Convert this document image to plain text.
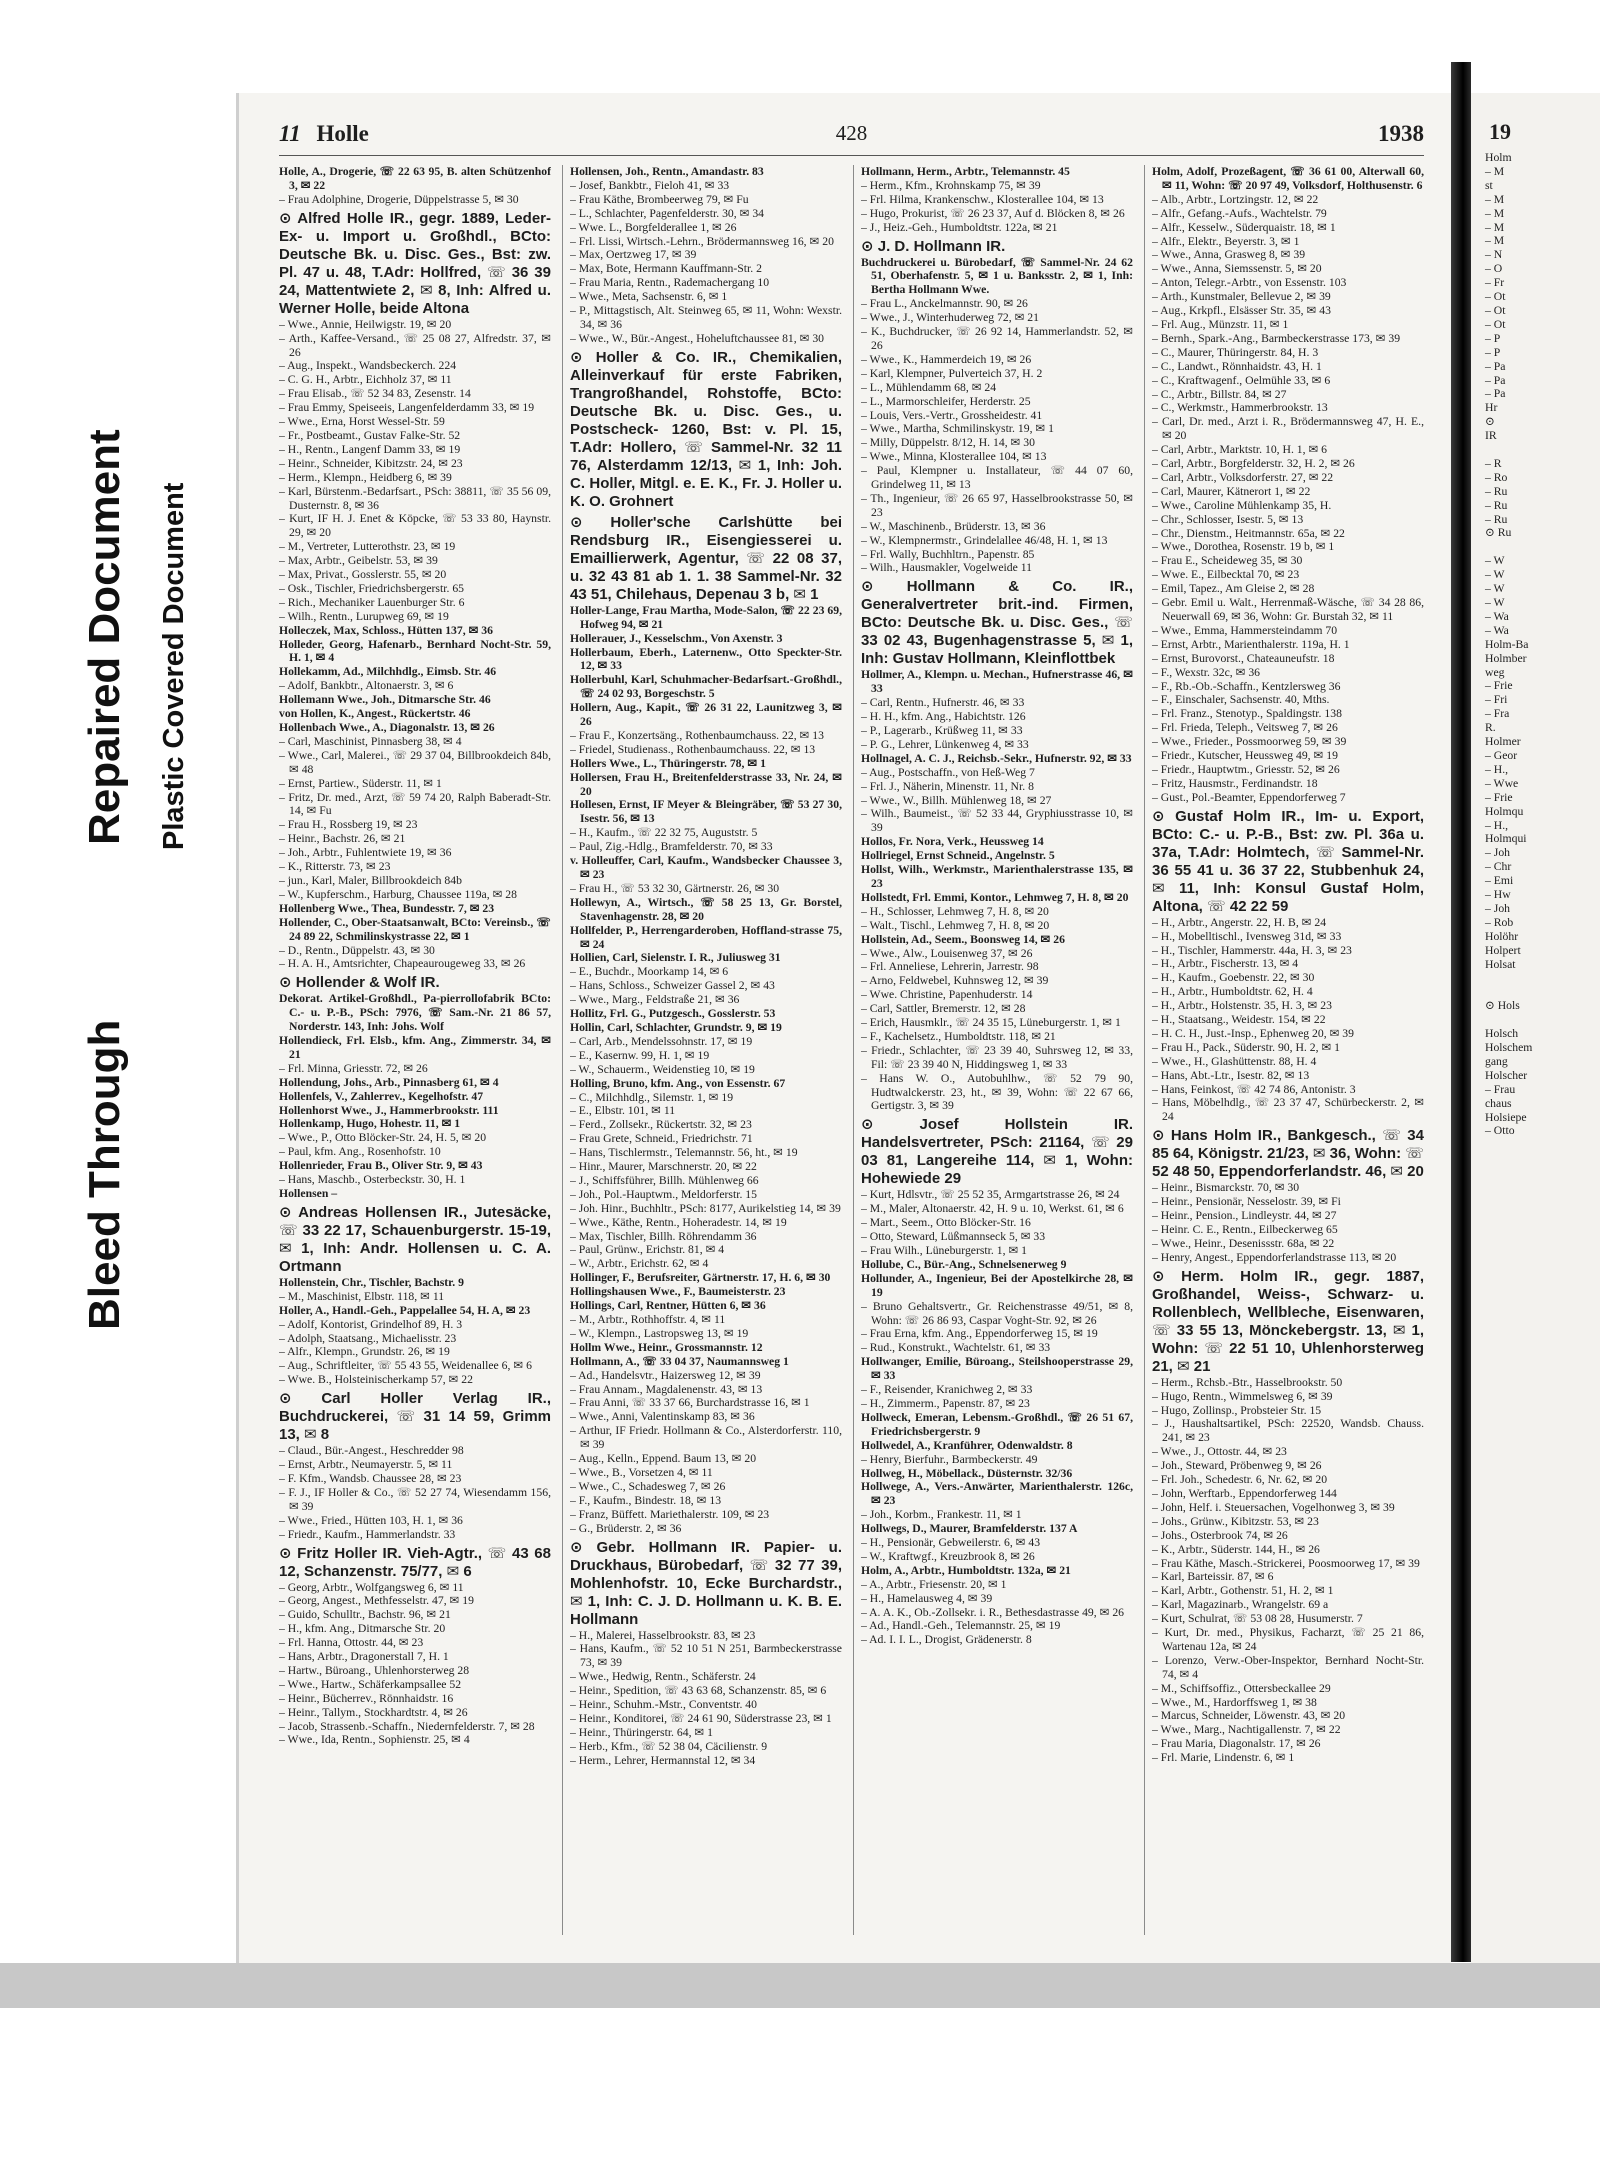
Bleed Through
Repaired Document Plastic Covered Document
11 Holle	428	1938

Holle, A., Drogerie, ☏ 22 63 95, B. alten Schützenhof 3, ✉ 22

– Frau Adolphine, Drogerie, Düppelstrasse 5, ✉ 30

⊙ Alfred Holle IR., gegr. 1889, Leder-Ex- u. Import u. Großhdl., BCto: Deutsche Bk. u. Disc. Ges., Bst: zw. Pl. 47 u. 48, T.Adr: Hollfred, ☏ 36 39 24, Mattentwiete 2, ✉ 8, Inh: Alfred u. Werner Holle, beide Altona

– Wwe., Annie, Heilwigstr. 19, ✉ 20

– Arth., Kaffee-Versand., ☏ 25 08 27, Alfredstr. 37, ✉ 26

– Aug., Inspekt., Wandsbeckerch. 224

– C. G. H., Arbtr., Eichholz 37, ✉ 11

– Frau Elisab., ☏ 52 34 83, Zesenstr. 14

– Frau Emmy, Speiseeis, Langenfelderdamm 33, ✉ 19

– Wwe., Erna, Horst Wessel-Str. 59

– Fr., Postbeamt., Gustav Falke-Str. 52

– H., Rentn., Langenf Damm 33, ✉ 19

– Heinr., Schneider, Kibitzstr. 24, ✉ 23

– Herm., Klempn., Heidberg 6, ✉ 39

– Karl, Bürstenm.-Bedarfsart., PSch: 38811, ☏ 35 56 09, Dusternstr. 8, ✉ 36

– Kurt, IF H. J. Enet & Köpcke, ☏ 53 33 80, Haynstr. 29, ✉ 20

– M., Vertreter, Lutterothstr. 23, ✉ 19

– Max, Arbtr., Geibelstr. 53, ✉ 39

– Max, Privat., Gosslerstr. 55, ✉ 20

– Osk., Tischler, Friedrichsbergerstr. 65

– Rich., Mechaniker Lauenburger Str. 6

– Wilh., Rentn., Lurupweg 69, ✉ 19

Holleczek, Max, Schloss., Hütten 137, ✉ 36

Holleder, Georg, Hafenarb., Bernhard Nocht-Str. 59, H. 1, ✉ 4

Hollekamm, Ad., Milchhdlg., Eimsb. Str. 46

– Adolf, Bankbtr., Altonaerstr. 3, ✉ 6

Hollemann Wwe., Joh., Ditmarsche Str. 46

von Hollen, K., Angest., Rückertstr. 46

Hollenbach Wwe., A., Diagonalstr. 13, ✉ 26

– Carl, Maschinist, Pinnasberg 38, ✉ 4

– Wwe., Carl, Malerei., ☏ 29 37 04, Billbrookdeich 84b, ✉ 48

– Ernst, Partiew., Süderstr. 11, ✉ 1

– Fritz, Dr. med., Arzt, ☏ 59 74 20, Ralph Baberadt-Str. 14, ✉ Fu

– Frau H., Rossberg 19, ✉ 23

– Heinr., Bachstr. 26, ✉ 21

– Joh., Arbtr., Fuhlentwiete 19, ✉ 36

– K., Ritterstr. 73, ✉ 23

– jun., Karl, Maler, Billbrookdeich 84b

– W., Kupferschm., Harburg, Chaussee 119a, ✉ 28

Hollenberg Wwe., Thea, Bundesstr. 7, ✉ 23

Hollender, C., Ober-Staatsanwalt, BCto: Vereinsb., ☏ 24 89 22, Schmilinskystrasse 22, ✉ 1

– D., Rentn., Düppelstr. 43, ✉ 30

– H. A. H., Amtsrichter, Chapeaurougeweg 33, ✉ 26

⊙ Hollender & Wolf IR.

Dekorat. Artikel-Großhdl., Pa-pierrollofabrik BCto: C.- u. P.-B., PSch: 7976, ☏ Sam.-Nr. 21 86 57, Norderstr. 143, Inh: Johs. Wolf

Hollendieck, Frl. Elsb., kfm. Ang., Zimmerstr. 34, ✉ 21

– Frl. Minna, Griesstr. 72, ✉ 26

Hollendung, Johs., Arb., Pinnasberg 61, ✉ 4

Hollenfels, V., Zahlerrev., Kegelhofstr. 47

Hollenhorst Wwe., J., Hammerbrookstr. 111

Hollenkamp, Hugo, Hohestr. 11, ✉ 1

– Wwe., P., Otto Blöcker-Str. 24, H. 5, ✉ 20

– Paul, kfm. Ang., Rosenhofstr. 10

Hollenrieder, Frau B., Oliver Str. 9, ✉ 43

– Hans, Maschb., Osterbeckstr. 30, H. 1

Hollensen –

⊙ Andreas Hollensen IR., Jutesäcke, ☏ 33 22 17, Schauenburgerstr. 15-19, ✉ 1, Inh: Andr. Hollensen u. C. A. Ortmann

Hollenstein, Chr., Tischler, Bachstr. 9

– M., Maschinist, Elbstr. 118, ✉ 11

Holler, A., Handl.-Geh., Pappelallee 54, H. A, ✉ 23

– Adolf, Kontorist, Grindelhof 89, H. 3

– Adolph, Staatsang., Michaelisstr. 23

– Alfr., Klempn., Grundstr. 26, ✉ 19

– Aug., Schriftleiter, ☏ 55 43 55, Weidenallee 6, ✉ 6

– Wwe. B., Holsteinischerkamp 57, ✉ 22

⊙ Carl Holler Verlag IR., Buchdruckerei, ☏ 31 14 59, Grimm 13, ✉ 8

– Claud., Bür.-Angest., Heschredder 98

– Ernst, Arbtr., Neumayerstr. 5, ✉ 11

– F. Kfm., Wandsb. Chaussee 28, ✉ 23

– F. J., IF Holler & Co., ☏ 52 27 74, Wiesendamm 156, ✉ 39

– Wwe., Fried., Hütten 103, H. 1, ✉ 36

– Friedr., Kaufm., Hammerlandstr. 33

⊙ Fritz Holler IR. Vieh-Agtr., ☏ 43 68 12, Schanzenstr. 75/77, ✉ 6

– Georg, Arbtr., Wolfgangsweg 6, ✉ 11

– Georg, Angest., Methfesselstr. 47, ✉ 19

– Guido, Schulltr., Bachstr. 96, ✉ 21

– H., kfm. Ang., Ditmarsche Str. 20

– Frl. Hanna, Ottostr. 44, ✉ 23

– Hans, Arbtr., Dragonerstall 7, H. 1

– Hartw., Büroang., Uhlenhorsterweg 28

– Wwe., Hartw., Schäferkampsallee 52

– Heinr., Bücherrev., Rönnhaidstr. 16

– Heinr., Tallym., Stockhardtstr. 4, ✉ 26

– Jacob, Strassenb.-Schaffn., Niedernfelderstr. 7, ✉ 28

– Wwe., Ida, Rentn., Sophienstr. 25, ✉ 4

Hollensen, Joh., Rentn., Amandastr. 83

– Josef, Bankbtr., Fieloh 41, ✉ 33

– Frau Käthe, Brombeerweg 79, ✉ Fu

– L., Schlachter, Pagenfelderstr. 30, ✉ 34

– Wwe. L., Borgfelderallee 1, ✉ 26

– Frl. Lissi, Wirtsch.-Lehrn., Brödermannsweg 16, ✉ 20

– Max, Oertzweg 17, ✉ 39

– Max, Bote, Hermann Kauffmann-Str. 2

– Frau Maria, Rentn., Rademachergang 10

– Wwe., Meta, Sachsenstr. 6, ✉ 1

– P., Mittagstisch, Alt. Steinweg 65, ✉ 11, Wohn: Wexstr. 34, ✉ 36

– Wwe., W., Bür.-Angest., Hoheluftchaussee 81, ✉ 30

⊙ Holler & Co. IR., Chemikalien, Alleinverkauf für erste Fabriken, Trangroßhandel, Rohstoffe, BCto: Deutsche Bk. u. Disc. Ges., u. Postscheck- 1260, Bst: v. Pl. 15, T.Adr: Hollero, ☏ Sammel-Nr. 32 11 76, Alsterdamm 12/13, ✉ 1, Inh: Joh. C. Holler, Mitgl. e. E. K., Fr. J. Holler u. K. O. Grohnert

⊙ Holler'sche Carlshütte bei Rendsburg IR., Eisengiesserei u. Emaillierwerk, Agentur, ☏ 22 08 37, u. 32 43 81 ab 1. 1. 38 Sammel-Nr. 32 43 51, Chilehaus, Depenau 3 b, ✉ 1

Holler-Lange, Frau Martha, Mode-Salon, ☏ 22 23 69, Hofweg 94, ✉ 21

Hollerauer, J., Kesselschm., Von Axenstr. 3

Hollerbaum, Eberh., Laternenw., Otto Speckter-Str. 12, ✉ 33

Hollerbuhl, Karl, Schuhmacher-Bedarfsart.-Großhdl., ☏ 24 02 93, Borgeschstr. 5

Hollern, Aug., Kapit., ☏ 26 31 22, Launitzweg 3, ✉ 26

– Frau F., Konzertsäng., Rothenbaumchauss. 22, ✉ 13

– Friedel, Studienass., Rothenbaumchauss. 22, ✉ 13

Hollers Wwe., L., Thüringerstr. 78, ✉ 1

Hollersen, Frau H., Breitenfelderstrasse 33, Nr. 24, ✉ 20

Hollesen, Ernst, IF Meyer & Bleingräber, ☏ 53 27 30, Isestr. 56, ✉ 13

– H., Kaufm., ☏ 22 32 75, Auguststr. 5

– Paul, Zig.-Hdlg., Bramfelderstr. 70, ✉ 33

v. Holleuffer, Carl, Kaufm., Wandsbecker Chaussee 3, ✉ 23

– Frau H., ☏ 53 32 30, Gärtnerstr. 26, ✉ 30

Hollewyn, A., Wirtsch., ☏ 58 25 13, Gr. Borstel, Stavenhagenstr. 28, ✉ 20

Hollfelder, P., Herrengarderoben, Hoffland-strasse 75, ✉ 24

Hollien, Carl, Sielenstr. I. R., Juliusweg 31

– E., Buchdr., Moorkamp 14, ✉ 6

– Hans, Schloss., Schweizer Gassel 2, ✉ 43

– Wwe., Marg., Feldstraße 21, ✉ 36

Hollitz, Frl. G., Putzgesch., Gosslerstr. 53

Hollin, Carl, Schlachter, Grundstr. 9, ✉ 19

– Carl, Arb., Mendelssohnstr. 17, ✉ 19

– E., Kasernw. 99, H. 1, ✉ 19

– W., Schauerm., Weidenstieg 10, ✉ 19

Holling, Bruno, kfm. Ang., von Essenstr. 67

– C., Milchhdlg., Silemstr. 1, ✉ 19

– E., Elbstr. 101, ✉ 11

– Ferd., Zollsekr., Rückertstr. 32, ✉ 23

– Frau Grete, Schneid., Friedrichstr. 71

– Hans, Tischlermstr., Telemannstr. 56, ht., ✉ 19

– Hinr., Maurer, Marschnerstr. 20, ✉ 22

– J., Schiffsführer, Billh. Mühlenweg 66

– Joh., Pol.-Hauptwm., Meldorferstr. 15

– Joh. Hinr., Buchhltr., PSch: 8177, Aurikelstieg 14, ✉ 39

– Wwe., Käthe, Rentn., Hoheradestr. 14, ✉ 19

– Max, Tischler, Billh. Röhrendamm 36

– Paul, Grünw., Erichstr. 81, ✉ 4

– W., Arbtr., Erichstr. 62, ✉ 4

Hollinger, F., Berufsreiter, Gärtnerstr. 17, H. 6, ✉ 30

Hollingshausen Wwe., F., Baumeisterstr. 23

Hollings, Carl, Rentner, Hütten 6, ✉ 36

– M., Arbtr., Rothhoffstr. 4, ✉ 11

– W., Klempn., Lastropsweg 13, ✉ 19

Hollm Wwe., Heinr., Grossmannstr. 12

Hollmann, A., ☏ 33 04 37, Naumannsweg 1

– Ad., Handelsvtr., Haizersweg 12, ✉ 39

– Frau Annam., Magdalenenstr. 43, ✉ 13

– Frau Anni, ☏ 33 37 66, Burchardstrasse 16, ✉ 1

– Wwe., Anni, Valentinskamp 83, ✉ 36

– Arthur, IF Friedr. Hollmann & Co., Alsterdorferstr. 110, ✉ 39

– Aug., Kelln., Eppend. Baum 13, ✉ 20

– Wwe., B., Vorsetzen 4, ✉ 11

– Wwe., C., Schadesweg 7, ✉ 26

– F., Kaufm., Bindestr. 18, ✉ 13

– Franz, Büffett. Mariethalerstr. 109, ✉ 23

– G., Brüderstr. 2, ✉ 36

⊙ Gebr. Hollmann IR. Papier- u. Druckhaus, Bürobedarf, ☏ 32 77 39, Mohlenhofstr. 10, Ecke Burchardstr., ✉ 1, Inh: C. J. D. Hollmann u. K. B. E. Hollmann

– H., Malerei, Hasselbrookstr. 83, ✉ 23

– Hans, Kaufm., ☏ 52 10 51 N 251, Barmbeckerstrasse 73, ✉ 39

– Wwe., Hedwig, Rentn., Schäferstr. 24

– Heinr., Spedition, ☏ 43 63 68, Schanzenstr. 85, ✉ 6

– Heinr., Schuhm.-Mstr., Conventstr. 40

– Heinr., Konditorei, ☏ 24 61 90, Süderstrasse 23, ✉ 1

– Heinr., Thüringerstr. 64, ✉ 1

– Herb., Kfm., ☏ 52 38 04, Cäcilienstr. 9

– Herm., Lehrer, Hermannstal 12, ✉ 34

Hollmann, Herm., Arbtr., Telemannstr. 45

– Herm., Kfm., Krohnskamp 75, ✉ 39

– Frl. Hilma, Krankenschw., Klosterallee 104, ✉ 13

– Hugo, Prokurist, ☏ 26 23 37, Auf d. Blöcken 8, ✉ 26

– J., Heiz.-Geh., Humboldtstr. 122a, ✉ 21

⊙ J. D. Hollmann IR.

Buchdruckerei u. Bürobedarf, ☏ Sammel-Nr. 24 62 51, Oberhafenstr. 5, ✉ 1 u. Banksstr. 2, ✉ 1, Inh: Bertha Hollmann Wwe.

– Frau L., Anckelmannstr. 90, ✉ 26

– Wwe., J., Winterhuderweg 72, ✉ 21

– K., Buchdrucker, ☏ 26 92 14, Hammerlandstr. 52, ✉ 26

– Wwe., K., Hammerdeich 19, ✉ 26

– Karl, Klempner, Pulverteich 37, H. 2

– L., Mühlendamm 68, ✉ 24

– L., Marmorschleifer, Herderstr. 25

– Louis, Vers.-Vertr., Grossheidestr. 41

– Wwe., Martha, Schmilinskystr. 19, ✉ 1

– Milly, Düppelstr. 8/12, H. 14, ✉ 30

– Wwe., Minna, Klosterallee 104, ✉ 13

– Paul, Klempner u. Installateur, ☏ 44 07 60, Grindelweg 11, ✉ 13

– Th., Ingenieur, ☏ 26 65 97, Hasselbrookstrasse 50, ✉ 23

– W., Maschinenb., Brüderstr. 13, ✉ 36

– W., Klempnermstr., Grindelallee 46/48, H. 1, ✉ 13

– Frl. Wally, Buchhltrn., Papenstr. 85

– Wilh., Hausmakler, Vogelweide 11

⊙ Hollmann & Co. IR., Generalvertreter brit.-ind. Firmen, BCto: Deutsche Bk. u. Disc. Ges., ☏ 33 02 43, Bugenhagenstrasse 5, ✉ 1, Inh: Gustav Hollmann, Kleinflottbek

Hollmer, A., Klempn. u. Mechan., Hufnerstrasse 46, ✉ 33

– Carl, Rentn., Hufnerstr. 46, ✉ 33

– H. H., kfm. Ang., Habichtstr. 126

– P., Lagerarb., Krüßweg 11, ✉ 33

– P. G., Lehrer, Lünkenweg 4, ✉ 33

Hollnagel, A. C. J., Reichsb.-Sekr., Hufnerstr. 92, ✉ 33

– Aug., Postschaffn., von Heß-Weg 7

– Frl. J., Näherin, Minenstr. 11, Nr. 8

– Wwe., W., Billh. Mühlenweg 18, ✉ 27

– Wilh., Baumeist., ☏ 52 33 44, Gryphiusstrasse 10, ✉ 39

Hollos, Fr. Nora, Verk., Heussweg 14

Hollriegel, Ernst Schneid., Angelnstr. 5

Hollst, Wilh., Werkmstr., Marienthalerstrasse 135, ✉ 23

Hollstedt, Frl. Emmi, Kontor., Lehmweg 7, H. 8, ✉ 20

– H., Schlosser, Lehmweg 7, H. 8, ✉ 20

– Walt., Tischl., Lehmweg 7, H. 8, ✉ 20

Hollstein, Ad., Seem., Boonsweg 14, ✉ 26

– Wwe., Alw., Louisenweg 37, ✉ 26

– Frl. Anneliese, Lehrerin, Jarrestr. 98

– Arno, Feldwebel, Kuhnsweg 12, ✉ 39

– Wwe. Christine, Papenhuderstr. 14

– Carl, Sattler, Bremerstr. 12, ✉ 28

– Erich, Hausmklr., ☏ 24 35 15, Lüneburgerstr. 1, ✉ 1

– F., Kachelsetz., Humboldtstr. 118, ✉ 21

– Friedr., Schlachter, ☏ 23 39 40, Suhrsweg 12, ✉ 33, Fil: ☏ 23 39 40 N, Hiddingsweg 1, ✉ 33

– Hans W. O., Autobuhlhw., ☏ 52 79 90, Hudtwalckerstr. 23, ht., ✉ 39, Wohn: ☏ 22 67 66, Gertigstr. 3, ✉ 39

⊙ Josef Hollstein IR. Handelsvertreter, PSch: 21164, ☏ 29 03 81, Langereihe 114, ✉ 1, Wohn: Hohewiede 29

– Kurt, Hdlsvtr., ☏ 25 52 35, Armgartstrasse 26, ✉ 24

– M., Maler, Altonaerstr. 42, H. 9 u. 10, Werkst. 61, ✉ 6

– Mart., Seem., Otto Blöcker-Str. 16

– Otto, Steward, Lüßmannseck 5, ✉ 33

– Frau Wilh., Lüneburgerstr. 1, ✉ 1

Hollube, C., Bür.-Ang., Schnelsenerweg 9

Hollunder, A., Ingenieur, Bei der Apostelkirche 28, ✉ 19

– Bruno Gehaltsvertr., Gr. Reichenstrasse 49/51, ✉ 8, Wohn: ☏ 26 86 93, Caspar Voght-Str. 92, ✉ 26

– Frau Erna, kfm. Ang., Eppendorferweg 15, ✉ 19

– Rud., Konstrukt., Wachtelstr. 61, ✉ 33

Hollwanger, Emilie, Büroang., Steilshooperstrasse 29, ✉ 33

– F., Reisender, Kranichweg 2, ✉ 33

– H., Zimmerm., Papenstr. 87, ✉ 23

Hollweck, Emeran, Lebensm.-Großhdl., ☏ 26 51 67, Friedrichsbergerstr. 9

Hollwedel, A., Kranführer, Odenwaldstr. 8

– Henry, Bierfuhr., Barmbeckerstr. 49

Hollweg, H., Möbellack., Düsternstr. 32/36

Hollwege, A., Vers.-Anwärter, Marienthalerstr. 126c, ✉ 23

– Joh., Korbm., Frankestr. 11, ✉ 1

Hollwegs, D., Maurer, Bramfelderstr. 137 A

– H., Pensionär, Gebweilerstr. 6, ✉ 43

– W., Kraftwgf., Kreuzbrook 8, ✉ 26

Holm, A., Arbtr., Humboldtstr. 132a, ✉ 21

– A., Arbtr., Friesenstr. 20, ✉ 1

– H., Hamelausweg 4, ✉ 39

– A. A. K., Ob.-Zollsekr. i. R., Bethesdastrasse 49, ✉ 26

– Ad., Handl.-Geh., Telemannstr. 25, ✉ 19

– Ad. I. I. L., Drogist, Grädenerstr. 8

Holm, Adolf, Prozeßagent, ☏ 36 61 00, Alterwall 60, ✉ 11, Wohn: ☏ 20 97 49, Volksdorf, Holthusenstr. 6

– Alb., Arbtr., Lortzingstr. 12, ✉ 22

– Alfr., Gefang.-Aufs., Wachtelstr. 79

– Alfr., Kesselw., Süderquaistr. 18, ✉ 1

– Alfr., Elektr., Beyerstr. 3, ✉ 1

– Wwe., Anna, Grasweg 8, ✉ 39

– Wwe., Anna, Siemssenstr. 5, ✉ 20

– Anton, Telegr.-Arbtr., von Essenstr. 103

– Arth., Kunstmaler, Bellevue 2, ✉ 39

– Aug., Krkpfl., Elsässer Str. 35, ✉ 43

– Frl. Aug., Münzstr. 11, ✉ 1

– Bernh., Spark.-Ang., Barmbeckerstrasse 173, ✉ 39

– C., Maurer, Thüringerstr. 84, H. 3

– C., Landwt., Rönnhaidstr. 43, H. 1

– C., Kraftwagenf., Oelmühle 33, ✉ 6

– C., Arbtr., Billstr. 84, ✉ 27

– C., Werkmstr., Hammerbrookstr. 13

– Carl, Dr. med., Arzt i. R., Brödermannsweg 47, H. E., ✉ 20

– Carl, Arbtr., Marktstr. 10, H. 1, ✉ 6

– Carl, Arbtr., Borgfelderstr. 32, H. 2, ✉ 26

– Carl, Arbtr., Volksdorferstr. 27, ✉ 22

– Carl, Maurer, Kätnerort 1, ✉ 22

– Wwe., Caroline Mühlenkamp 35, H.

– Chr., Schlosser, Isestr. 5, ✉ 13

– Chr., Dienstm., Heitmannstr. 65a, ✉ 22

– Wwe., Dorothea, Rosenstr. 19 b, ✉ 1

– Frau E., Scheideweg 35, ✉ 30

– Wwe. E., Eilbecktal 70, ✉ 23

– Emil, Tapez., Am Gleise 2, ✉ 28

– Gebr. Emil u. Walt., Herrenmaß-Wäsche, ☏ 34 28 86, Neuerwall 69, ✉ 36, Wohn: Gr. Burstah 32, ✉ 11

– Wwe., Emma, Hammersteindamm 70

– Ernst, Arbtr., Marienthalerstr. 119a, H. 1

– Ernst, Burovorst., Chateauneufstr. 18

– F., Wexstr. 32c, ✉ 36

– F., Rb.-Ob.-Schaffn., Kentzlersweg 36

– F., Einschaler, Sachsenstr. 40, Mths.

– Frl. Franz., Stenotyp., Spaldingstr. 138

– Frl. Frieda, Teleph., Veitsweg 7, ✉ 26

– Wwe., Frieder., Possmoorweg 59, ✉ 39

– Friedr., Kutscher, Heussweg 49, ✉ 19

– Friedr., Hauptwtm., Griesstr. 52, ✉ 26

– Fritz, Hausmstr., Ferdinandstr. 18

– Gust., Pol.-Beamter, Eppendorferweg 7

⊙ Gustaf Holm IR., Im- u. Export, BCto: C.- u. P.-B., Bst: zw. Pl. 36a u. 37a, T.Adr: Holmtech, ☏ Sammel-Nr. 36 55 41 u. 36 37 22, Stubbenhuk 24, ✉ 11, Inh: Konsul Gustaf Holm, Altona, ☏ 42 22 59

– H., Arbtr., Angerstr. 22, H. B, ✉ 24

– H., Mobelltischl., Ivensweg 31d, ✉ 33

– H., Tischler, Hammerstr. 44a, H. 3, ✉ 23

– H., Arbtr., Fischerstr. 13, ✉ 4

– H., Kaufm., Goebenstr. 22, ✉ 30

– H., Arbtr., Humboldtstr. 62, H. 4

– H., Arbtr., Holstenstr. 35, H. 3, ✉ 23

– H., Staatsang., Weidestr. 154, ✉ 22

– H. C. H., Just.-Insp., Ephenweg 20, ✉ 39

– Frau H., Pack., Süderstr. 90, H. 2, ✉ 1

– Wwe., H., Glashüttenstr. 88, H. 4

– Hans, Abt.-Ltr., Isestr. 82, ✉ 13

– Hans, Feinkost, ☏ 42 74 86, Antonistr. 3

– Hans, Möbelhdlg., ☏ 23 37 47, Schürbeckerstr. 2, ✉ 24

⊙ Hans Holm IR., Bankgesch., ☏ 34 85 64, Königstr. 21/23, ✉ 36, Wohn: ☏ 52 48 50, Eppendorferlandstr. 46, ✉ 20

– Heinr., Bismarckstr. 70, ✉ 30

– Heinr., Pensionär, Nesselostr. 39, ✉ Fi

– Heinr., Pension., Lindleystr. 44, ✉ 27

– Heinr. C. E., Rentn., Eilbeckerweg 65

– Wwe., Heinr., Desenissstr. 68a, ✉ 22

– Henry, Angest., Eppendorferlandstrasse 113, ✉ 20

⊙ Herm. Holm IR., gegr. 1887, Großhandel, Weiss-, Schwarz- u. Rollenblech, Wellbleche, Eisenwaren, ☏ 33 55 13, Mönckebergstr. 13, ✉ 1, Wohn: ☏ 22 51 10, Uhlenhorsterweg 21, ✉ 21

– Herm., Rchsb.-Btr., Hasselbrookstr. 50

– Hugo, Rentn., Wimmelsweg 6, ✉ 39

– Hugo, Zollinsp., Probsteier Str. 15

– J., Haushaltsartikel, PSch: 22520, Wandsb. Chauss. 241, ✉ 23

– Wwe., J., Ottostr. 44, ✉ 23

– Joh., Steward, Pröbenweg 9, ✉ 26

– Frl. Joh., Schedestr. 6, Nr. 62, ✉ 20

– John, Werftarb., Eppendorferweg 144

– John, Helf. i. Steuersachen, Vogelhonweg 3, ✉ 39

– Johs., Grünw., Kibitzstr. 53, ✉ 23

– Johs., Osterbrook 74, ✉ 26

– K., Arbtr., Süderstr. 144, H., ✉ 26

– Frau Käthe, Masch.-Strickerei, Poosmoorweg 17, ✉ 39

– Karl, Barteissir. 87, ✉ 6

– Karl, Arbtr., Gothenstr. 51, H. 2, ✉ 1

– Karl, Magazinarb., Wrangelstr. 69 a

– Kurt, Schulrat, ☏ 53 08 28, Husumerstr. 7

– Kurt, Dr. med., Physikus, Facharzt, ☏ 25 21 86, Wartenau 12a, ✉ 24

– Lorenzo, Verw.-Ober-Inspektor, Bernhard Nocht-Str. 74, ✉ 4

– M., Schiffsoffiz., Ottersbeckallee 29

– Wwe., M., Hardorffsweg 1, ✉ 38

– Marcus, Schneider, Löwenstr. 43, ✉ 20

– Wwe., Marg., Nachtigallenstr. 7, ✉ 22

– Frau Maria, Diagonalstr. 17, ✉ 26

– Frl. Marie, Lindenstr. 6, ✉ 1

19
Holm
– M
st
– M
– M
– M
– M
– N
– O
– Fr
– Ot
– Ot
– Ot
– P
– P
– Pa
– Pa
– Pa
Hr
⊙
IR

– R
– Ro
– Ru
– Ru
– Ru
⊙ Ru

– W
– W
– W
– W
– Wa
– Wa
Holm-Ba
Holmber
weg
– Frie
– Fri
– Fra
R.
Holmer
– Geor
– H.,
– Wwe
– Frie
Holmqu
– H.,
Holmqui
– Joh
– Chr
– Emi
– Hw
– Joh
– Rob
Holöhr
Holpert
Holsat

⊙ Hols

Holsch
Holschem
gang
Holscher
– Frau
chaus
Holsiepe
– Otto
